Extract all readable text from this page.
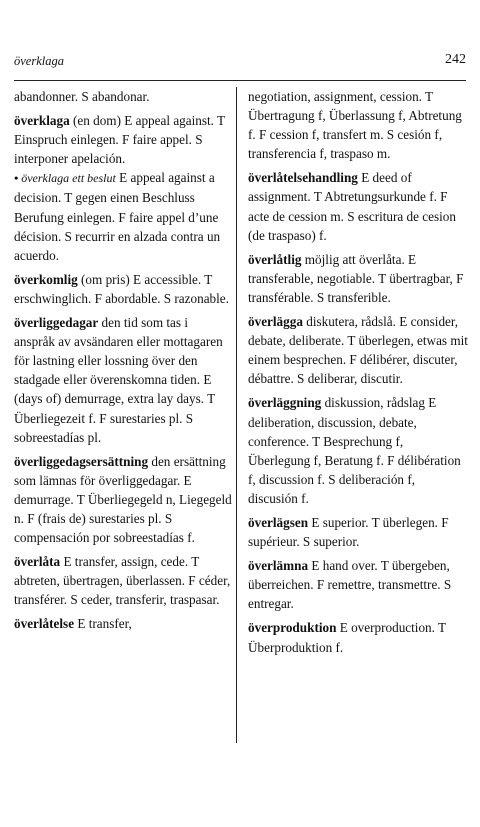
överklaga	242

abandonner. S abandonar.

överklaga (en dom) E appeal against. T Einspruch einlegen. F faire appel. S interponer apelación.
• överklaga ett beslut E appeal against a decision. T gegen einen Beschluss Berufung einlegen. F faire appel d’une décision. S recurrir en alzada contra un acuerdo.

överkomlig (om pris) E accessible. T erschwinglich. F abordable. S razonable.

överliggedagar den tid som tas i anspråk av avsändaren eller mottagaren för lastning eller lossning över den stadgade eller överenskomna tiden. E (days of) demurrage, extra lay days. T Überliegezeit f. F surestaries pl. S sobreestadías pl.

överliggedagsersättning den ersättning som lämnas för överliggedagar. E demurrage. T Überliegegeld n, Liegegeld n. F (frais de) surestaries pl. S compensación por sobreestadías f.

överlåta E transfer, assign, cede. T abtreten, übertragen, überlassen. F céder, transférer. S ceder, transferir, traspasar.

överlåtelse E transfer,

negotiation, assignment, cession. T Übertragung f, Überlassung f, Abtretung f. F cession f, transfert m. S cesión f, transferencia f, traspaso m.

överlåtelsehandling E deed of assignment. T Abtretungsurkunde f. F acte de cession m. S escritura de cesion (de traspaso) f.

överlåtlig möjlig att överlåta. E transferable, negotiable. T übertragbar, F transférable. S transferible.

överlägga diskutera, rådslå. E consider, debate, deliberate. T überlegen, etwas mit einem besprechen. F délibérer, discuter, débattre. S deliberar, discutir.

överläggning diskussion, rådslag E deliberation, discussion, debate, conference. T Besprechung f, Überlegung f, Beratung f. F délibération f, discussion f. S deliberación f, discusión f.

överlägsen E superior. T überlegen. F supérieur. S superior.

överlämna E hand over. T übergeben, überreichen. F remettre, transmettre. S entregar.

överproduktion E overproduction. T Überproduktion f.
